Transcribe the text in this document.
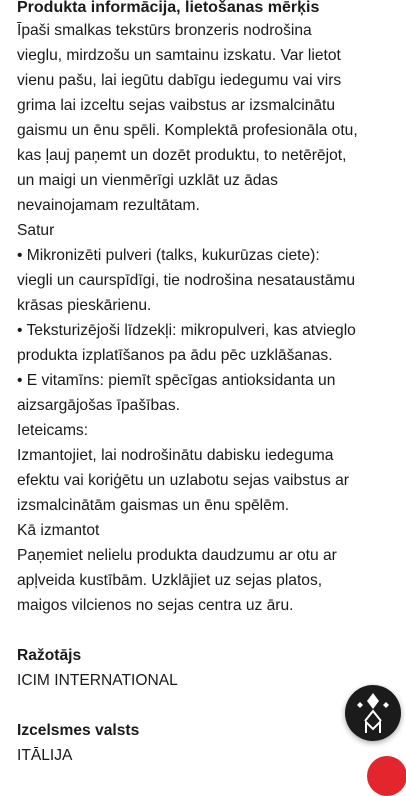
Produkta informācija, lietošanas mērķis
Īpaši smalkas tekstūrs bronzeris nodrošina
vieglu, mirdzošu un samtainu izskatu. Var lietot
vienu pašu, lai iegūtu dabīgu iedegumu vai virs
grima lai izceltu sejas vaibstus ar izsmalcinātu
gaismu un ēnu spēli. Komplektā profesionāla otu,
kas ļauj paņemt un dozēt produktu, to netērējot,
un maigi un vienmērīgi uzklāt uz ādas
nevainojamam rezultātam.
Satur
• Mikronizēti pulveri (talks, kukurūzas ciete):
viegli un caurspīdīgi, tie nodrošina nesataustāmu
krāsas pieskārienu.
• Teksturizējoši līdzekļi: mikropulveri, kas atvieglo
produkta izplatīšanos pa ādu pēc uzklāšanas.
• E vitamīns: piemīt spēcīgas antioksidanta un
aizsargājošas īpašības.
Ieteicams:
Izmantojiet, lai nodrošinātu dabisku iedeguma
efektu vai koriģētu un uzlabotu sejas vaibstus ar
izsmalcinātām gaismas un ēnu spēlēm.
Kā izmantot
Paņemiet nelielu produkta daudzumu ar otu ar
apļveida kustībām. Uzklājiet uz sejas platos,
maigos vilcienos no sejas centra uz āru.
Ražotājs
ICIM INTERNATIONAL
Izcelsmes valsts
ITĀLIJA
